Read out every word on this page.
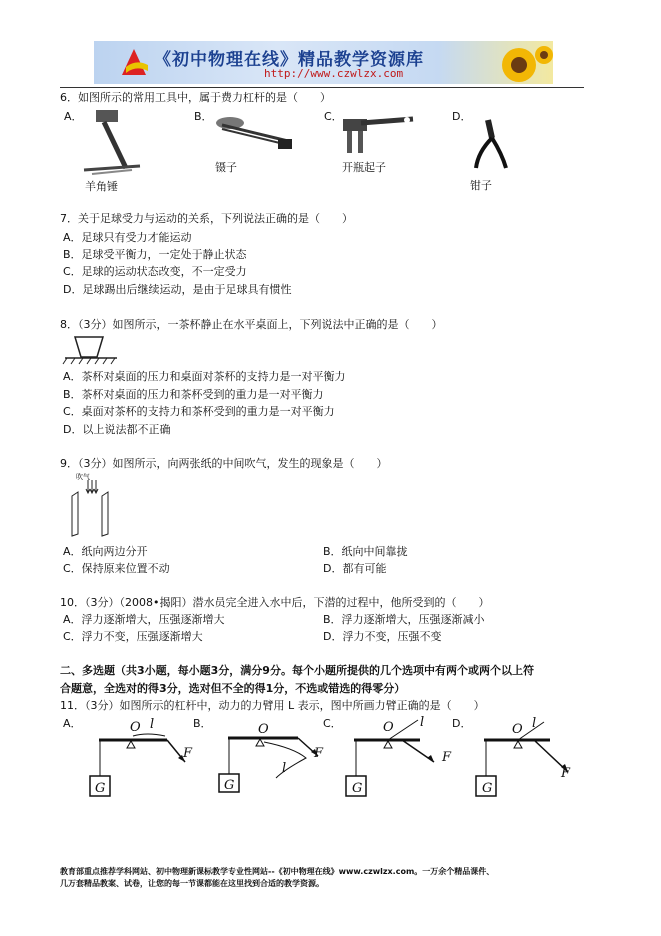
《初中物理在线》精品教学资源库
http://www.czwlzx.com
6．如图所示的常用工具中，属于费力杠杆的是（　　）
A．	B．	C．	D．
羊角锤
镊子	开瓶起子
钳子
7．关于足球受力与运动的关系，下列说法正确的是（　　）
A．足球只有受力才能运动
B．足球受平衡力，一定处于静止状态
C．足球的运动状态改变，不一定受力
D．足球踢出后继续运动，是由于足球具有惯性
8．（3分）如图所示，一茶杯静止在水平桌面上，下列说法中正确的是（　　）
A．茶杯对桌面的压力和桌面对茶杯的支持力是一对平衡力
B．茶杯对桌面的压力和茶杯受到的重力是一对平衡力
C．桌面对茶杯的支持力和茶杯受到的重力是一对平衡力
D．以上说法都不正确
9．（3分）如图所示，向两张纸的中间吹气，发生的现象是（　　）
吹气
A．纸向两边分开	B．纸向中间靠拢
C．保持原来位置不动	D．都有可能
10．（3分）（2008•揭阳）潜水员完全进入水中后，下潜的过程中，他所受到的（　　）
A．浮力逐渐增大，压强逐渐增大	B．浮力逐渐增大，压强逐渐减小
C．浮力不变，压强逐渐增大	D．浮力不变，压强不变
二、多选题（共3小题，每小题3分，满分9分。每个小题所提供的几个选项中有两个或两个以上符
合题意，全选对的得3分，选对但不全的得1分，不选或错选的得零分）
11．（3分）如图所示的杠杆中，动力的力臂用 L 表示，图中所画力臂正确的是（　　）
A．	B．	C．	D．
O l
F
G
O
F
l
G
O l
F
G
O l
F
G
教育部重点推荐学科网站、初中物理新课标教学专业性网站--《初中物理在线》www.czwlzx.com。一万余个精品课件、
几万套精品教案、试卷，让您的每一节课都能在这里找到合适的教学资源。
